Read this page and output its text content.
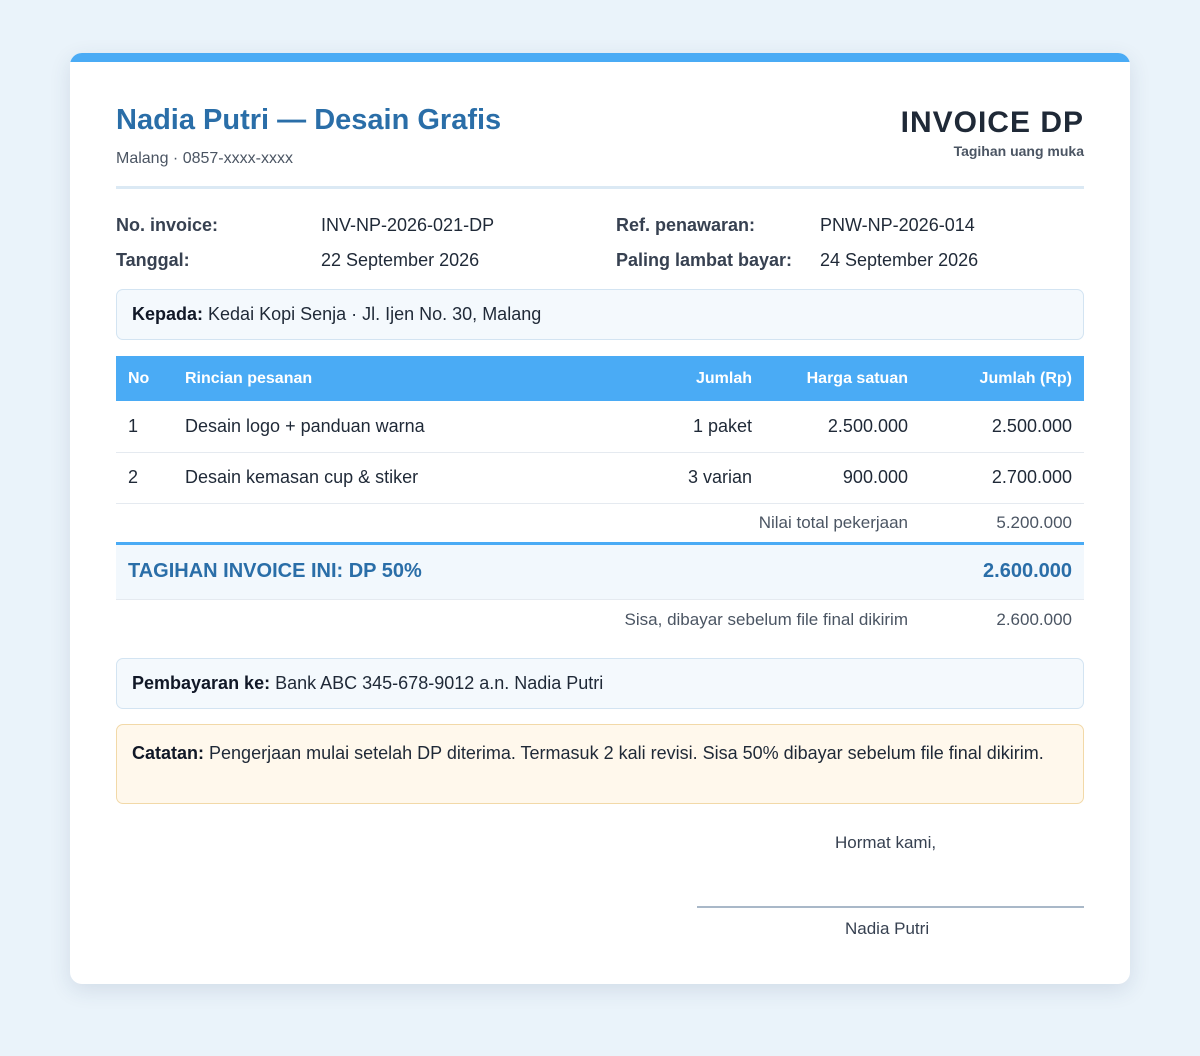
Nadia Putri — Desain Grafis
Malang · 0857-xxxx-xxxx
INVOICE DP
Tagihan uang muka
No. invoice:	INV-NP-2026-021-DP	Ref. penawaran:	PNW-NP-2026-014
Tanggal:	22 September 2026	Paling lambat bayar: 24 September 2026
Kepada: Kedai Kopi Senja · Jl. Ijen No. 30, Malang
No	Rincian pesanan	Jumlah	Harga satuan	Jumlah (Rp)
1	Desain logo + panduan warna	1 paket	2.500.000	2.500.000
2	Desain kemasan cup & stiker	3 varian	900.000	2.700.000
Nilai total pekerjaan				5.200.000
TAGIHAN INVOICE INI: DP 50%				2.600.000
Sisa, dibayar sebelum file final dikirim				2.600.000
Pembayaran ke: Bank ABC 345-678-9012 a.n. Nadia Putri
Catatan: Pengerjaan mulai setelah DP diterima. Termasuk 2 kali revisi. Sisa 50% dibayar sebelum file final dikirim.
Hormat kami,
Nadia Putri
